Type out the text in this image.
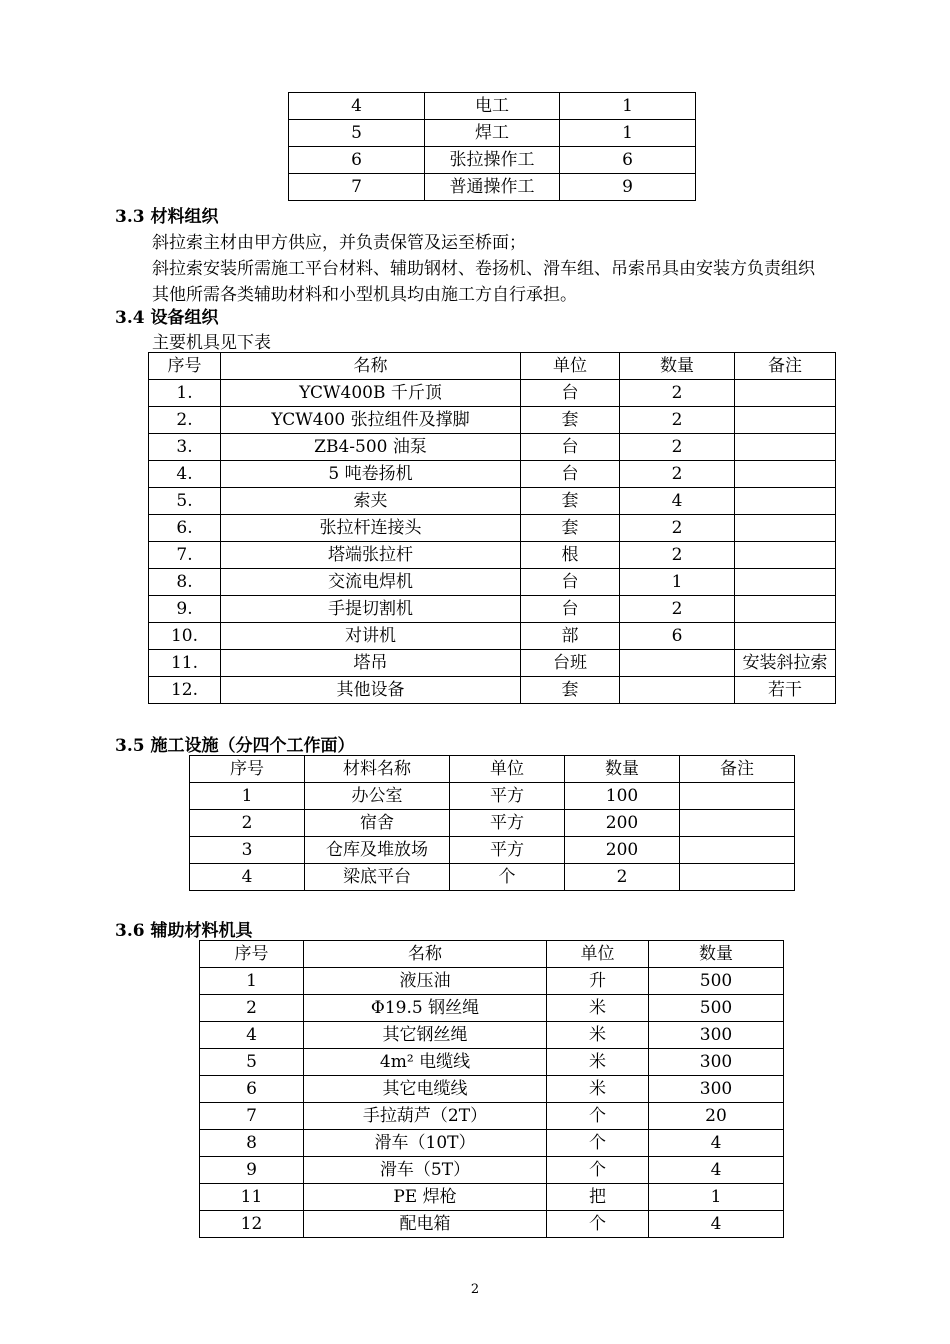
4	电工	1
5	焊工	1
6	张拉操作工	6
7	普通操作工	9
3.3 材料组织
斜拉索主材由甲方供应，并负责保管及运至桥面；
斜拉索安装所需施工平台材料、辅助钢材、卷扬机、滑车组、吊索吊具由安装方负责组织
其他所需各类辅助材料和小型机具均由施工方自行承担。
3.4 设备组织
主要机具见下表
序号	名称	单位	数量	备注
1.	YCW400B 千斤顶	台	2	
2.	YCW400 张拉组件及撑脚	套	2	
3.	ZB4-500 油泵	台	2	
4.	5 吨卷扬机	台	2	
5.	索夹	套	4	
6.	张拉杆连接头	套	2	
7.	塔端张拉杆	根	2	
8.	交流电焊机	台	1	
9.	手提切割机	台	2	
10.	对讲机	部	6	
11.	塔吊	台班		安装斜拉索
12.	其他设备	套		若干
3.5 施工设施（分四个工作面）
序号	材料名称	单位	数量	备注
1	办公室	平方	100	
2	宿舍	平方	200	
3	仓库及堆放场	平方	200	
4	梁底平台	个	2	
3.6 辅助材料机具
序号	名称	单位	数量
1	液压油	升	500
2	Φ19.5 钢丝绳	米	500
4	其它钢丝绳	米	300
5	4m² 电缆线	米	300
6	其它电缆线	米	300
7	手拉葫芦（2T）	个	20
8	滑车（10T）	个	4
9	滑车（5T）	个	4
11	PE 焊枪	把	1
12	配电箱	个	4
2
